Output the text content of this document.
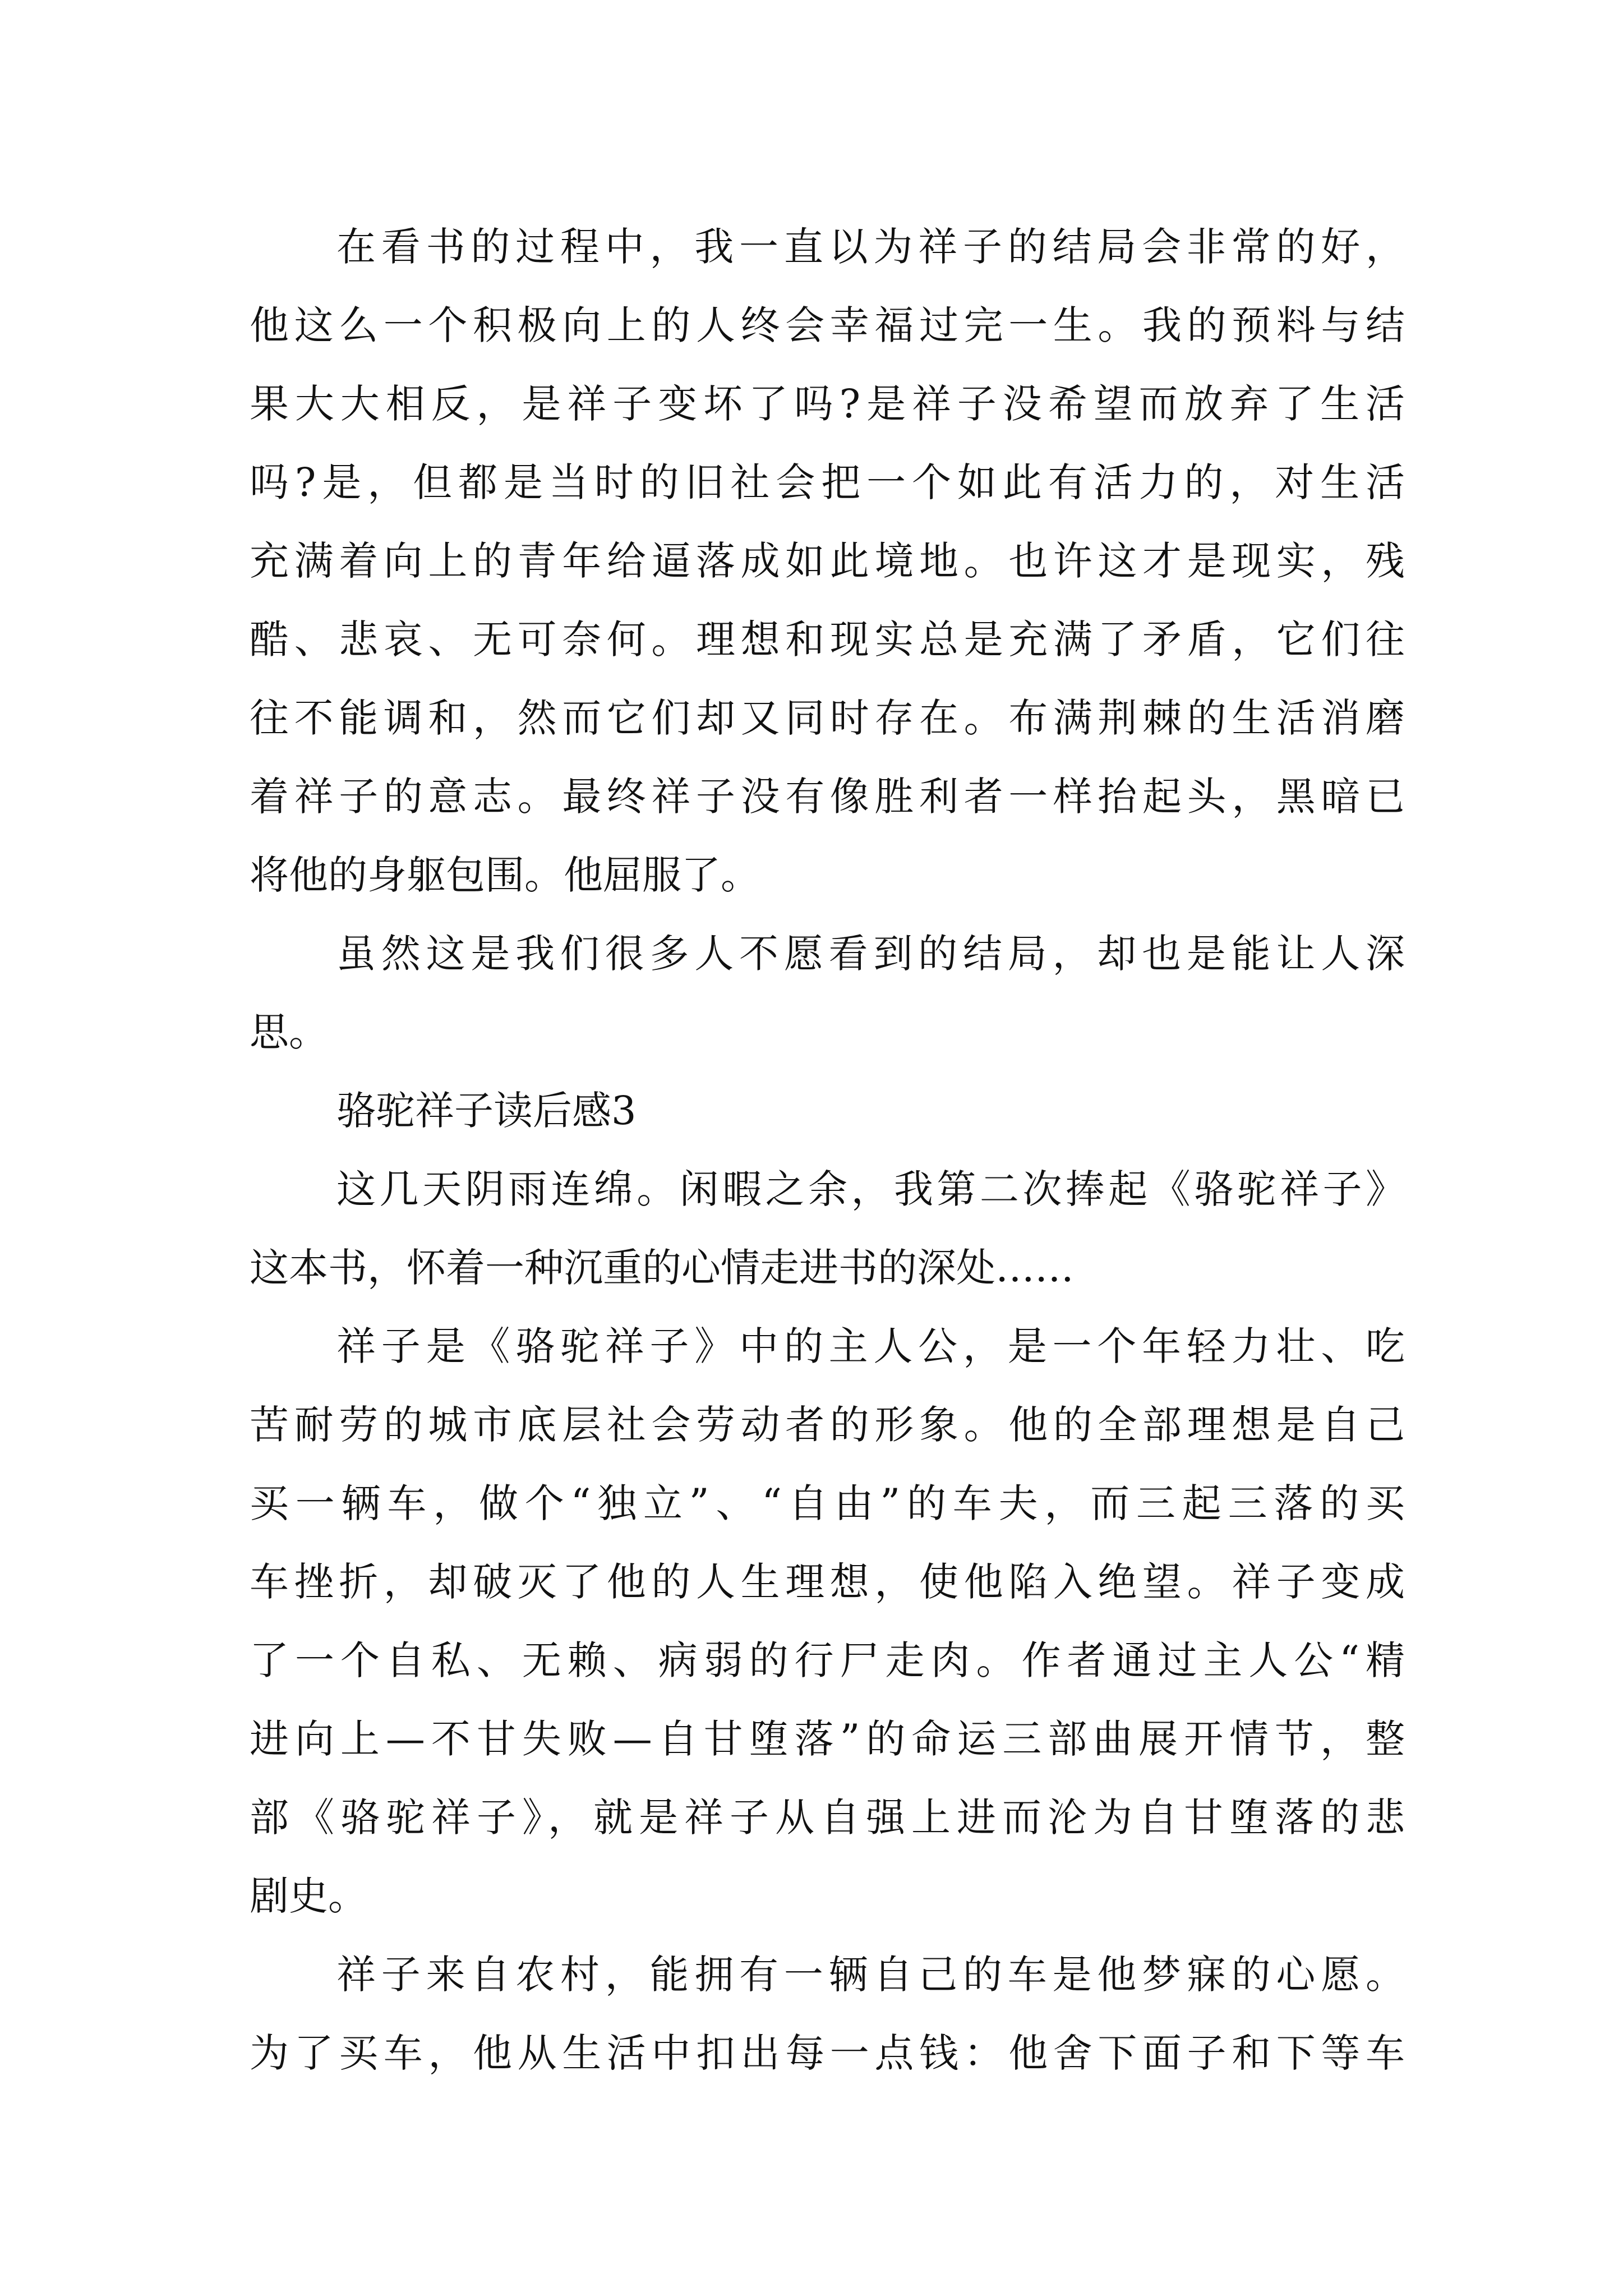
在看书的过程中，我一直以为祥子的结局会非常的好，
他这么一个积极向上的人终会幸福过完一生。我的预料与结
果大大相反，是祥子变坏了吗?是祥子没希望而放弃了生活
吗?是，但都是当时的旧社会把一个如此有活力的，对生活
充满着向上的青年给逼落成如此境地。也许这才是现实，残
酷、悲哀、无可奈何。理想和现实总是充满了矛盾，它们往
往不能调和，然而它们却又同时存在。布满荆棘的生活消磨
着祥子的意志。最终祥子没有像胜利者一样抬起头，黑暗已
将他的身躯包围。他屈服了。
虽然这是我们很多人不愿看到的结局，却也是能让人深
思。
骆驼祥子读后感3
这几天阴雨连绵。闲暇之余，我第二次捧起《骆驼祥子》
这本书，怀着一种沉重的心情走进书的深处……
祥子是《骆驼祥子》中的主人公，是一个年轻力壮、吃
苦耐劳的城市底层社会劳动者的形象。他的全部理想是自己
买一辆车，做个“独立”、“自由”的车夫，而三起三落的买
车挫折，却破灭了他的人生理想，使他陷入绝望。祥子变成
了一个自私、无赖、病弱的行尸走肉。作者通过主人公“精
进向上—不甘失败—自甘堕落”的命运三部曲展开情节，整
部《骆驼祥子》，就是祥子从自强上进而沦为自甘堕落的悲
剧史。
祥子来自农村，能拥有一辆自己的车是他梦寐的心愿。
为了买车，他从生活中扣出每一点钱：他舍下面子和下等车
